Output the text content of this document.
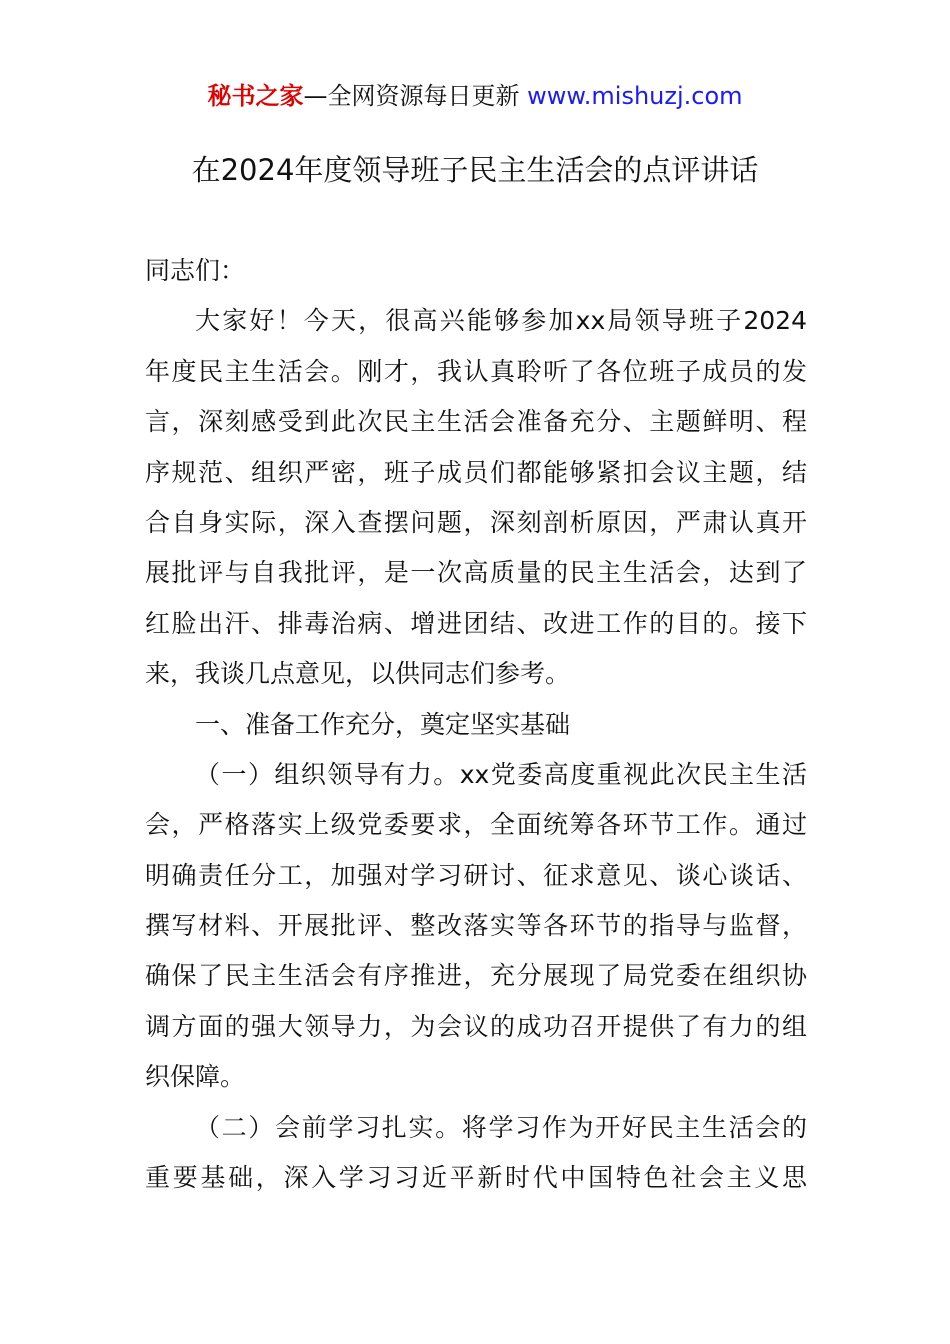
秘书之家—全网资源每日更新 www.mishuzj.com
在2024年度领导班子民主生活会的点评讲话
同志们：
大家好！今天，很高兴能够参加xx局领导班子2024
年度民主生活会。刚才，我认真聆听了各位班子成员的发
言，深刻感受到此次民主生活会准备充分、主题鲜明、程
序规范、组织严密，班子成员们都能够紧扣会议主题，结
合自身实际，深入查摆问题，深刻剖析原因，严肃认真开
展批评与自我批评，是一次高质量的民主生活会，达到了
红脸出汗、排毒治病、增进团结、改进工作的目的。接下
来，我谈几点意见，以供同志们参考。
一、准备工作充分，奠定坚实基础
（一）组织领导有力。xx党委高度重视此次民主生活
会，严格落实上级党委要求，全面统筹各环节工作。通过
明确责任分工，加强对学习研讨、征求意见、谈心谈话、
撰写材料、开展批评、整改落实等各环节的指导与监督，
确保了民主生活会有序推进，充分展现了局党委在组织协
调方面的强大领导力，为会议的成功召开提供了有力的组
织保障。
（二）会前学习扎实。将学习作为开好民主生活会的
重要基础，深入学习习近平新时代中国特色社会主义思
